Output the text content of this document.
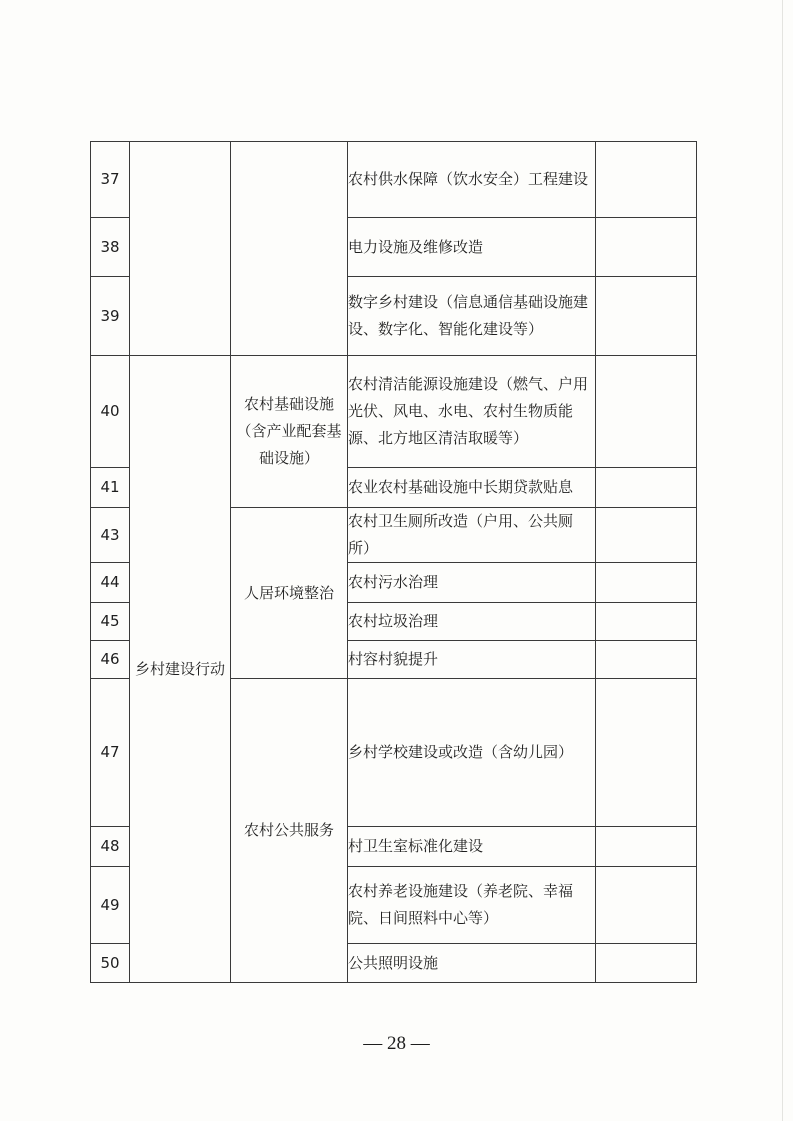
37			农村供水保障（饮水安全）工程建设	
38			电力设施及维修改造	
39			数字乡村建设（信息通信基础设施建设、数字化、智能化建设等）	
40	乡村建设行动	农村基础设施（含产业配套基础设施）	农村清洁能源设施建设（燃气、户用光伏、风电、水电、农村生物质能源、北方地区清洁取暖等）	
41			农业农村基础设施中长期贷款贴息	
43		人居环境整治	农村卫生厕所改造（户用、公共厕所）	
44			农村污水治理	
45			农村垃圾治理	
46			村容村貌提升	
47		农村公共服务	乡村学校建设或改造（含幼儿园）	
48			村卫生室标准化建设	
49			农村养老设施建设（养老院、幸福院、日间照料中心等）	
50			公共照明设施	
— 28 —
